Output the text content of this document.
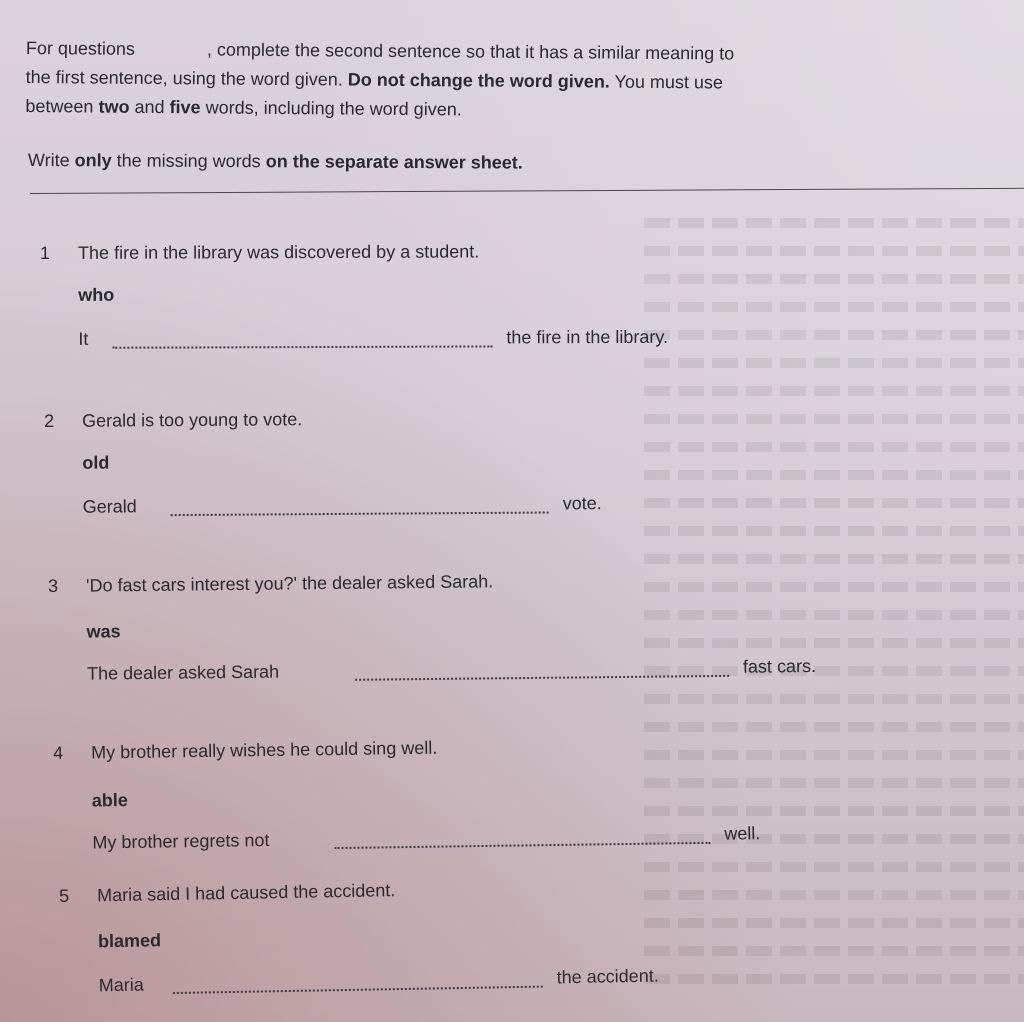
For questions	, complete the second sentence so that it has a similar meaning to

the first sentence, using the word given. Do not change the word given. You must use

between two and five words, including the word given.

Write only the missing words on the separate answer sheet.
1 The fire in the library was discovered by a student.
who
It	the fire in the library.
2 Gerald is too young to vote.
old
Gerald	vote.
3 'Do fast cars interest you?' the dealer asked Sarah.
was
The dealer asked Sarah	fast cars.
4 My brother really wishes he could sing well.
able
My brother regrets not	well.
5 Maria said I had caused the accident.
blamed
Maria	the accident.
